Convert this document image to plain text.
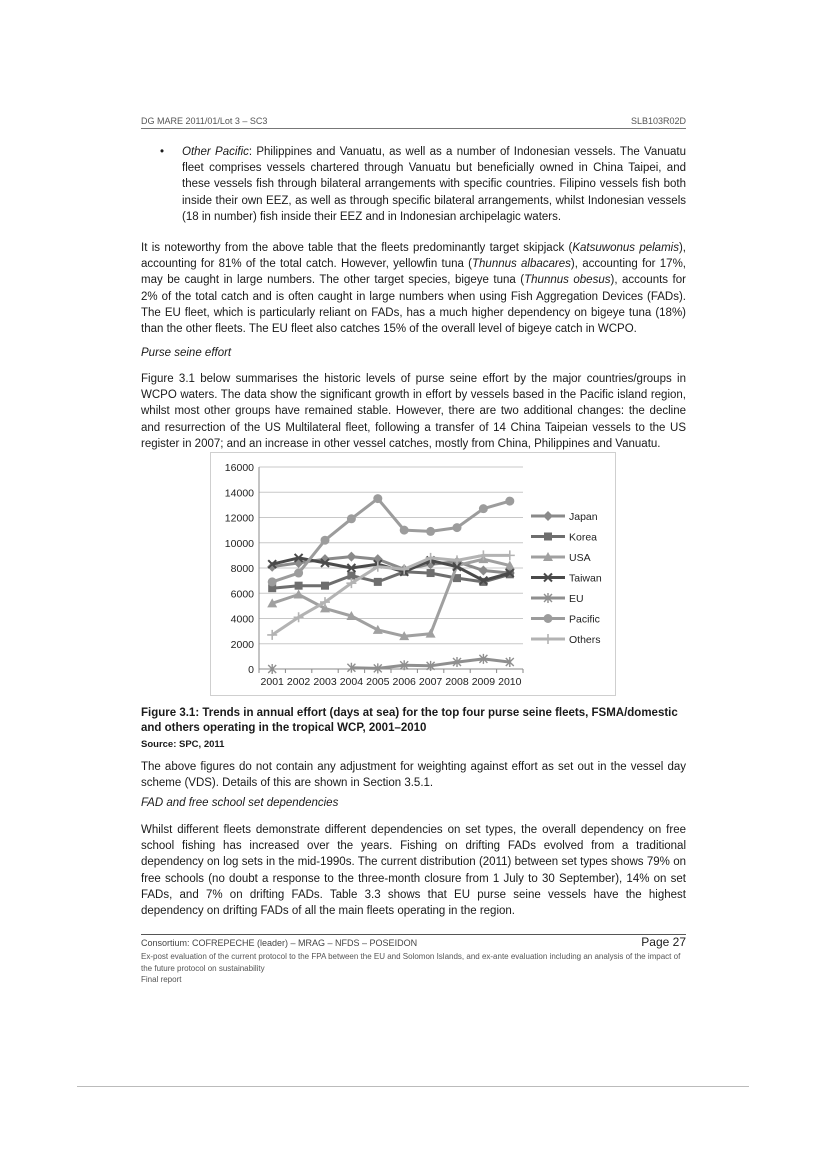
DG MARE 2011/01/Lot 3 – SC3	SLB103R02D
• Other Pacific: Philippines and Vanuatu, as well as a number of Indonesian vessels. The Vanuatu fleet comprises vessels chartered through Vanuatu but beneficially owned in China Taipei, and these vessels fish through bilateral arrangements with specific countries. Filipino vessels fish both inside their own EEZ, as well as through specific bilateral arrangements, whilst Indonesian vessels (18 in number) fish inside their EEZ and in Indonesian archipelagic waters.

It is noteworthy from the above table that the fleets predominantly target skipjack (Katsuwonus pelamis), accounting for 81% of the total catch. However, yellowfin tuna (Thunnus albacares), accounting for 17%, may be caught in large numbers. The other target species, bigeye tuna (Thunnus obesus), accounts for 2% of the total catch and is often caught in large numbers when using Fish Aggregation Devices (FADs). The EU fleet, which is particularly reliant on FADs, has a much higher dependency on bigeye tuna (18%) than the other fleets. The EU fleet also catches 15% of the overall level of bigeye catch in WCPO.

Purse seine effort

Figure 3.1 below summarises the historic levels of purse seine effort by the major countries/groups in WCPO waters. The data show the significant growth in effort by vessels based in the Pacific island region, whilst most other groups have remained stable. However, there are two additional changes: the decline and resurrection of the US Multilateral fleet, following a transfer of 14 China Taipeian vessels to the US register in 2007; and an increase in other vessel catches, mostly from China, Philippines and Vanuatu.

0
2000
4000
6000
8000
10000
12000
14000
16000
2001 2002 2003 2004 2005 2006 2007 2008 2009 2010
Japan
Korea
USA
Taiwan
EU
Pacific
Others

Figure 3.1: Trends in annual effort (days at sea) for the top four purse seine fleets, FSMA/domestic and others operating in the tropical WCP, 2001–2010

Source: SPC, 2011

The above figures do not contain any adjustment for weighting against effort as set out in the vessel day scheme (VDS). Details of this are shown in Section 3.5.1.

FAD and free school set dependencies

Whilst different fleets demonstrate different dependencies on set types, the overall dependency on free school fishing has increased over the years. Fishing on drifting FADs evolved from a traditional dependency on log sets in the mid-1990s. The current distribution (2011) between set types shows 79% on free schools (no doubt a response to the three-month closure from 1 July to 30 September), 14% on set FADs, and 7% on drifting FADs. Table 3.3 shows that EU purse seine vessels have the highest dependency on drifting FADs of all the main fleets operating in the region.

Consortium: COFREPECHE (leader) – MRAG – NFDS – POSEIDON	Page 27
Ex-post evaluation of the current protocol to the FPA between the EU and Solomon Islands, and ex-ante evaluation including an analysis of the impact of the future protocol on sustainability
Final report
